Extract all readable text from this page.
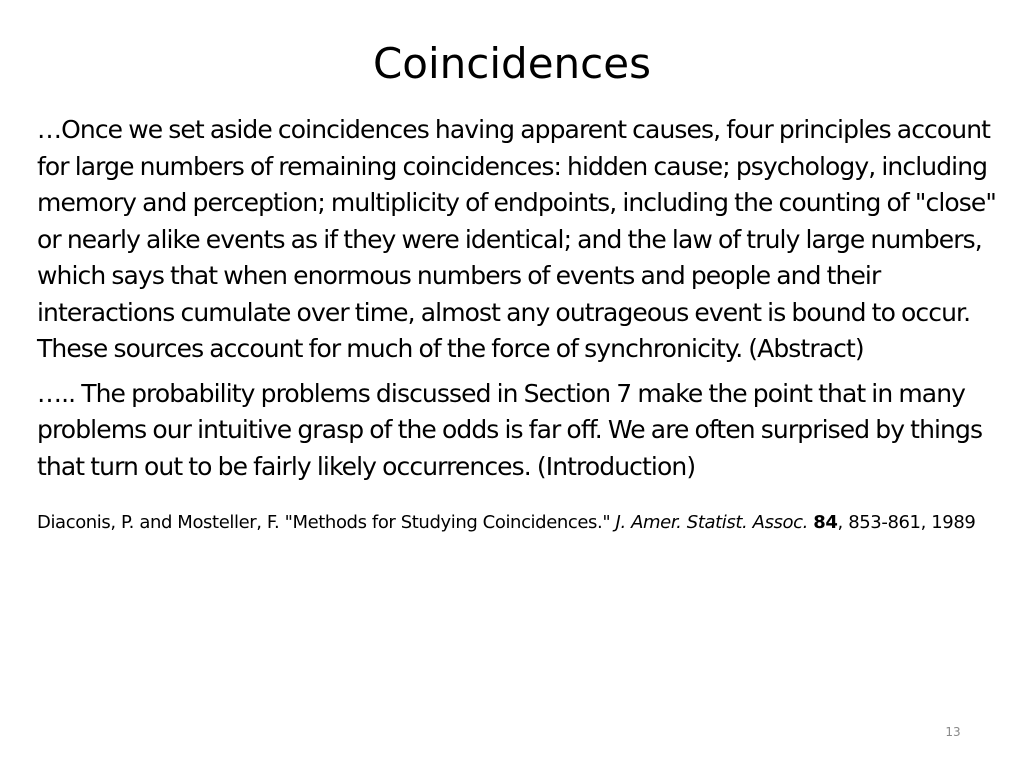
Coincidences

…Once we set aside coincidences having apparent causes, four principles account for large numbers of remaining coincidences: hidden cause; psychology, including memory and perception; multiplicity of endpoints, including the counting of "close" or nearly alike events as if they were identical; and the law of truly large numbers, which says that when enormous numbers of events and people and their interactions cumulate over time, almost any outrageous event is bound to occur. These sources account for much of the force of synchronicity. (Abstract)

….. The probability problems discussed in Section 7 make the point that in many problems our intuitive grasp of the odds is far off. We are often surprised by things that turn out to be fairly likely occurrences. (Introduction)

Diaconis, P. and Mosteller, F. "Methods for Studying Coincidences." J. Amer. Statist. Assoc. 84, 853-861, 1989

13
